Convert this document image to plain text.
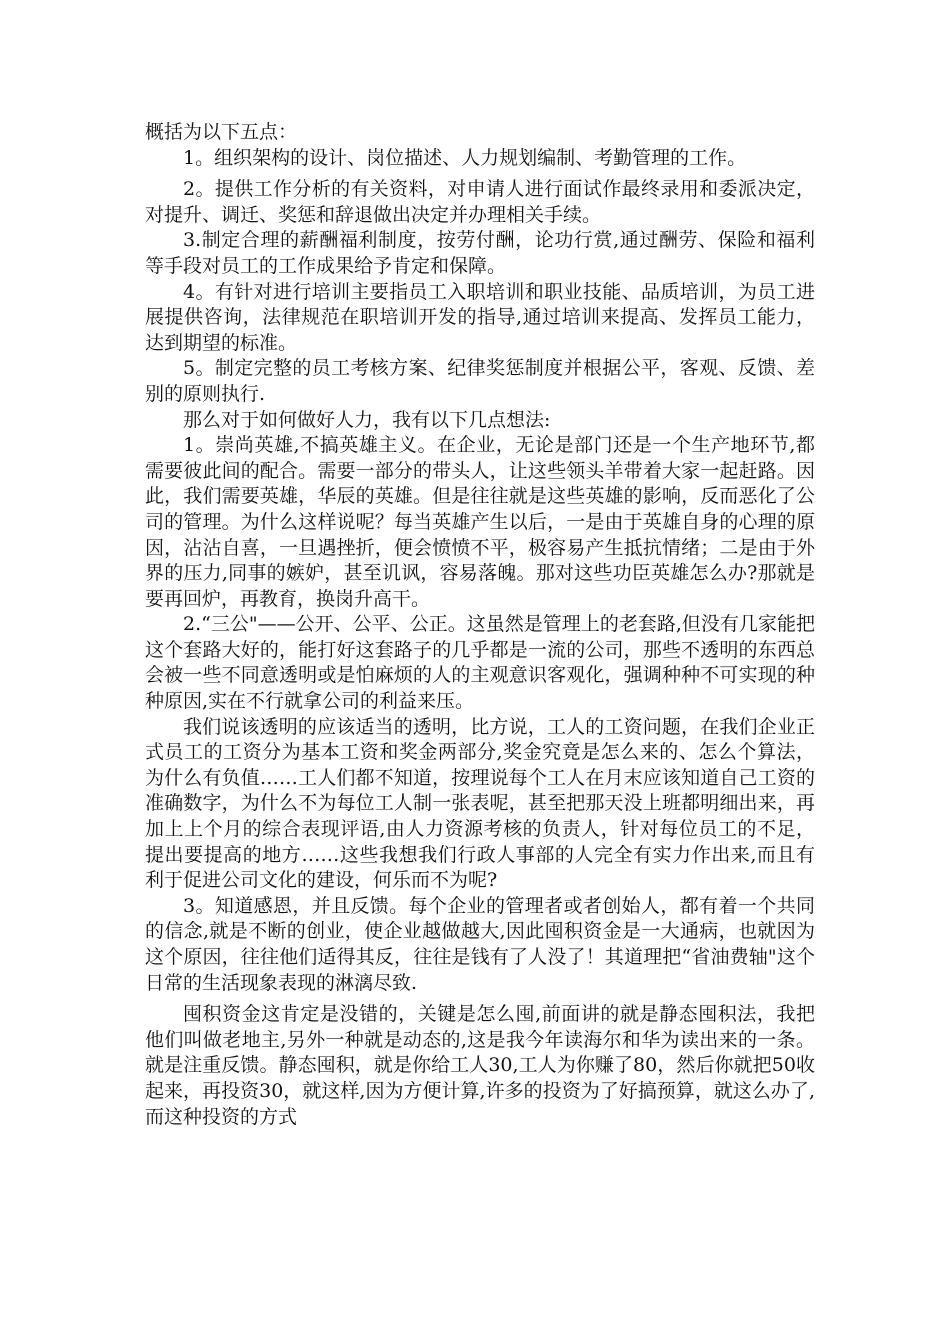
概括为以下五点：

1。组织架构的设计、岗位描述、人力规划编制、考勤管理的工作。

2。提供工作分析的有关资料，对申请人进行面试作最终录用和委派决定，对提升、调迁、奖惩和辞退做出决定并办理相关手续。

3.制定合理的薪酬福利制度，按劳付酬，论功行赏,通过酬劳、保险和福利等手段对员工的工作成果给予肯定和保障。

4。有针对进行培训主要指员工入职培训和职业技能、品质培训，为员工进展提供咨询，法律规范在职培训开发的指导,通过培训来提高、发挥员工能力，达到期望的标准。

5。制定完整的员工考核方案、纪律奖惩制度并根据公平，客观、反馈、差别的原则执行.

那么对于如何做好人力，我有以下几点想法:

1。崇尚英雄,不搞英雄主义。在企业，无论是部门还是一个生产地环节,都需要彼此间的配合。需要一部分的带头人，让这些领头羊带着大家一起赶路。因此，我们需要英雄，华辰的英雄。但是往往就是这些英雄的影响，反而恶化了公司的管理。为什么这样说呢？每当英雄产生以后，一是由于英雄自身的心理的原因，沾沾自喜，一旦遇挫折，便会愤愤不平，极容易产生抵抗情绪；二是由于外界的压力,同事的嫉妒，甚至讥讽，容易落魄。那对这些功臣英雄怎么办?那就是要再回炉，再教育，换岗升高干。

2.“三公"——公开、公平、公正。这虽然是管理上的老套路,但没有几家能把这个套路大好的，能打好这套路子的几乎都是一流的公司，那些不透明的东西总会被一些不同意透明或是怕麻烦的人的主观意识客观化，强调种种不可实现的种种原因,实在不行就拿公司的利益来压。

我们说该透明的应该适当的透明，比方说，工人的工资问题，在我们企业正式员工的工资分为基本工资和奖金两部分,奖金究竟是怎么来的、怎么个算法，为什么有负值……工人们都不知道，按理说每个工人在月末应该知道自己工资的准确数字，为什么不为每位工人制一张表呢，甚至把那天没上班都明细出来，再加上上个月的综合表现评语,由人力资源考核的负责人，针对每位员工的不足，提出要提高的地方……这些我想我们行政人事部的人完全有实力作出来,而且有利于促进公司文化的建设，何乐而不为呢?

3。知道感恩，并且反馈。每个企业的管理者或者创始人，都有着一个共同的信念,就是不断的创业，使企业越做越大,因此囤积资金是一大通病，也就因为这个原因，往往他们适得其反，往往是钱有了人没了！其道理把“省油费轴"这个日常的生活现象表现的淋漓尽致.

囤积资金这肯定是没错的，关键是怎么囤,前面讲的就是静态囤积法，我把他们叫做老地主,另外一种就是动态的,这是我今年读海尔和华为读出来的一条。就是注重反馈。静态囤积，就是你给工人30,工人为你赚了80，然后你就把50收起来，再投资30，就这样,因为方便计算,许多的投资为了好搞预算，就这么办了,而这种投资的方式
